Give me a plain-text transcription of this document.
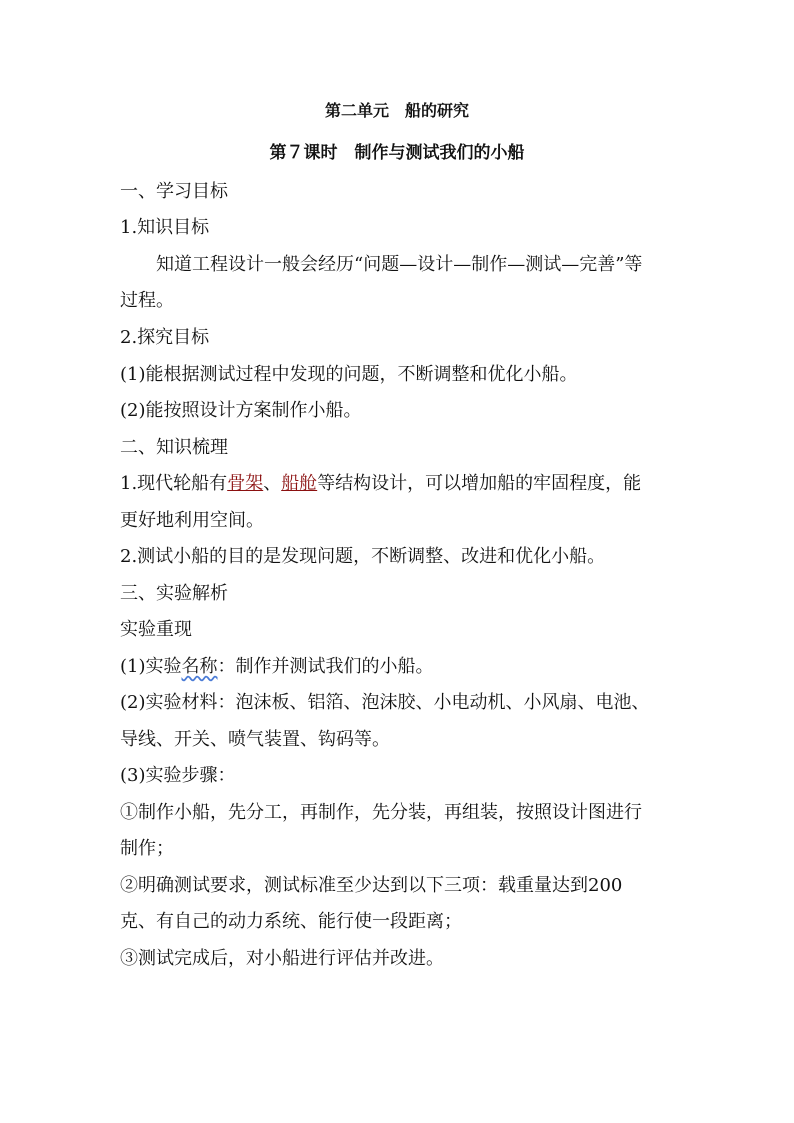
第二单元　船的研究
第７课时　制作与测试我们的小船
一、学习目标
1.知识目标
知道工程设计一般会经历“问题—设计—制作—测试—完善”等
过程。
2.探究目标
(1)能根据测试过程中发现的问题，不断调整和优化小船。
(2)能按照设计方案制作小船。
二、知识梳理
1.现代轮船有骨架、船舱等结构设计，可以增加船的牢固程度，能
更好地利用空间。
2.测试小船的目的是发现问题，不断调整、改进和优化小船。
三、实验解析
实验重现
(1)实验名称：制作并测试我们的小船。
(2)实验材料：泡沫板、铝箔、泡沫胶、小电动机、小风扇、电池、
导线、开关、喷气装置、钩码等。
(3)实验步骤：
①制作小船，先分工，再制作，先分装，再组装，按照设计图进行
制作；
②明确测试要求，测试标准至少达到以下三项：载重量达到200
克、有自己的动力系统、能行使一段距离；
③测试完成后，对小船进行评估并改进。
